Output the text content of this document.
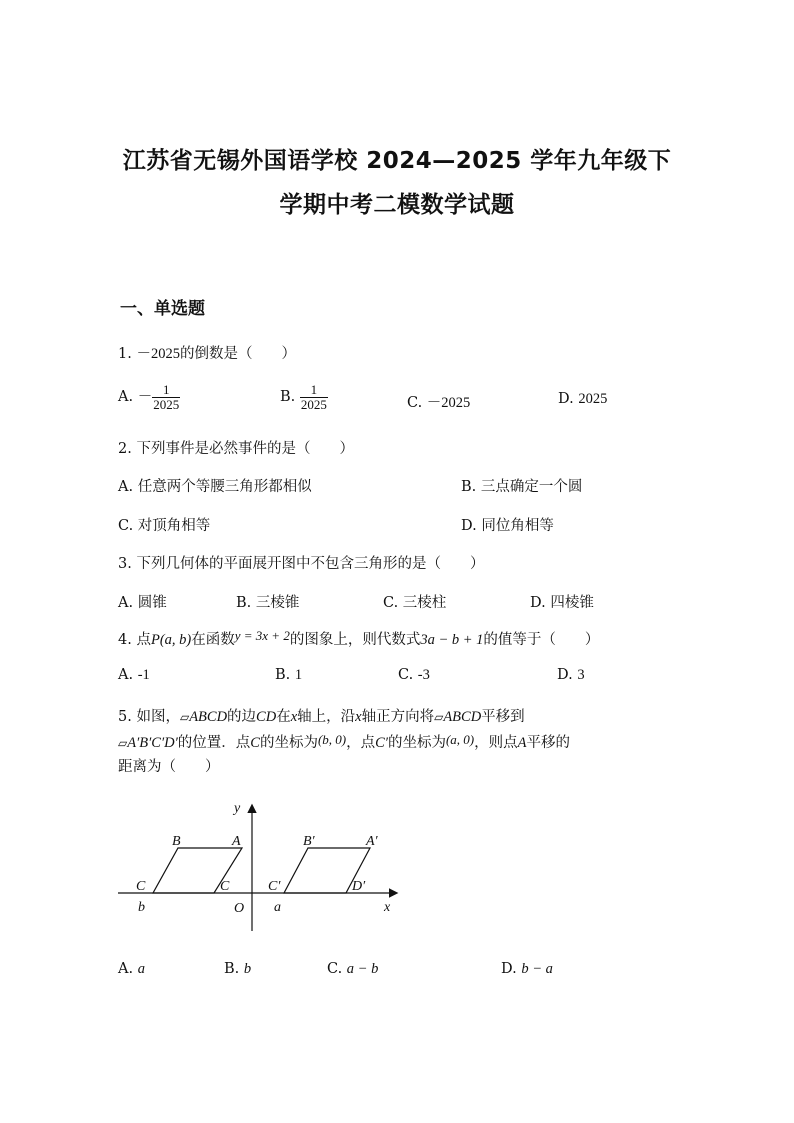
江苏省无锡外国语学校 2024—2025 学年九年级下
学期中考二模数学试题
一、单选题
1. －2025的倒数是（　　）
A. － $\frac{1}{2025}$	B. $\frac{1}{2025}$	C. －2025	D. 2025
2. 下列事件是必然事件的是（　　）
A. 任意两个等腰三角形都相似	B. 三点确定一个圆
C. 对顶角相等	D. 同位角相等
3. 下列几何体的平面展开图中不包含三角形的是（　　）
A. 圆锥	B. 三棱锥	C. 三棱柱	D. 四棱锥
4. 点P(a, b)在函数y = 3x + 2的图象上，则代数式3a − b + 1的值等于（　　）
A. -1	B. 1	C. -3	D. 3
5. 如图，▱ABCD的边CD在x轴上，沿x轴正方向将▱ABCD平移到
▱A′B′C′D′的位置．点C的坐标为(b, 0)，点C′的坐标为(a, 0)，则点A平移的
距离为（　　）
y
x
O
B	A
C	C
b
B′	A′
C′	D′
a
A. a	B. b	C. a − b	D. b − a
